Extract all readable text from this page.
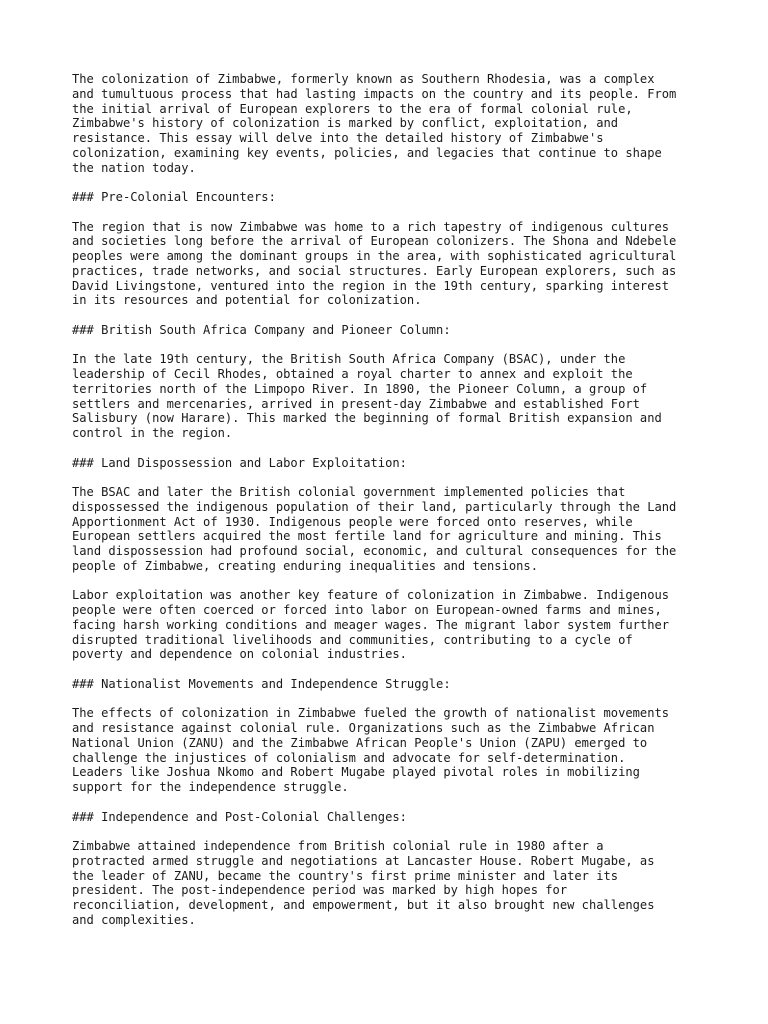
The colonization of Zimbabwe, formerly known as Southern Rhodesia, was a complex

and tumultuous process that had lasting impacts on the country and its people. From

the initial arrival of European explorers to the era of formal colonial rule,

Zimbabwe's history of colonization is marked by conflict, exploitation, and

resistance. This essay will delve into the detailed history of Zimbabwe's

colonization, examining key events, policies, and legacies that continue to shape

the nation today.

### Pre-Colonial Encounters:

The region that is now Zimbabwe was home to a rich tapestry of indigenous cultures

and societies long before the arrival of European colonizers. The Shona and Ndebele

peoples were among the dominant groups in the area, with sophisticated agricultural

practices, trade networks, and social structures. Early European explorers, such as

David Livingstone, ventured into the region in the 19th century, sparking interest

in its resources and potential for colonization.

### British South Africa Company and Pioneer Column:

In the late 19th century, the British South Africa Company (BSAC), under the

leadership of Cecil Rhodes, obtained a royal charter to annex and exploit the

territories north of the Limpopo River. In 1890, the Pioneer Column, a group of

settlers and mercenaries, arrived in present-day Zimbabwe and established Fort

Salisbury (now Harare). This marked the beginning of formal British expansion and

control in the region.

### Land Dispossession and Labor Exploitation:

The BSAC and later the British colonial government implemented policies that

dispossessed the indigenous population of their land, particularly through the Land

Apportionment Act of 1930. Indigenous people were forced onto reserves, while

European settlers acquired the most fertile land for agriculture and mining. This

land dispossession had profound social, economic, and cultural consequences for the

people of Zimbabwe, creating enduring inequalities and tensions.

Labor exploitation was another key feature of colonization in Zimbabwe. Indigenous

people were often coerced or forced into labor on European-owned farms and mines,

facing harsh working conditions and meager wages. The migrant labor system further

disrupted traditional livelihoods and communities, contributing to a cycle of

poverty and dependence on colonial industries.

### Nationalist Movements and Independence Struggle:

The effects of colonization in Zimbabwe fueled the growth of nationalist movements

and resistance against colonial rule. Organizations such as the Zimbabwe African

National Union (ZANU) and the Zimbabwe African People's Union (ZAPU) emerged to

challenge the injustices of colonialism and advocate for self-determination.

Leaders like Joshua Nkomo and Robert Mugabe played pivotal roles in mobilizing

support for the independence struggle.

### Independence and Post-Colonial Challenges:

Zimbabwe attained independence from British colonial rule in 1980 after a

protracted armed struggle and negotiations at Lancaster House. Robert Mugabe, as

the leader of ZANU, became the country's first prime minister and later its

president. The post-independence period was marked by high hopes for

reconciliation, development, and empowerment, but it also brought new challenges

and complexities.
